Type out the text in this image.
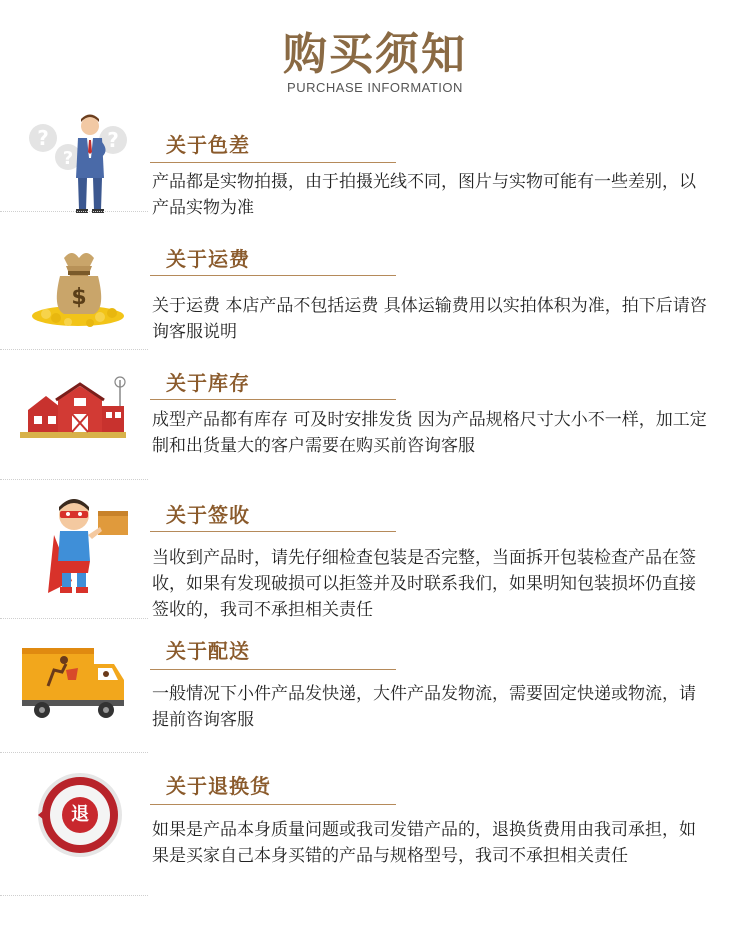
购买须知
PURCHASE INFORMATION
?
?
? 关于色差
产品都是实物拍摄，由于拍摄光线不同，图片与实物可能有一些差别，以产品实物为准
$
关于运费
关于运费 本店产品不包括运费 具体运输费用以实拍体积为准，拍下后请咨询客服说明
关于库存
成型产品都有库存 可及时安排发货 因为产品规格尺寸大小不一样，加工定制和出货量大的客户需要在购买前咨询客服
关于签收
当收到产品时，请先仔细检查包装是否完整，当面拆开包装检查产品在签收，如果有发现破损可以拒签并及时联系我们，如果明知包装损坏仍直接签收的，我司不承担相关责任
关于配送
一般情况下小件产品发快递，大件产品发物流，需要固定快递或物流，请提前咨询客服
退
关于退换货
如果是产品本身质量问题或我司发错产品的，退换货费用由我司承担，如果是买家自己本身买错的产品与规格型号，我司不承担相关责任
